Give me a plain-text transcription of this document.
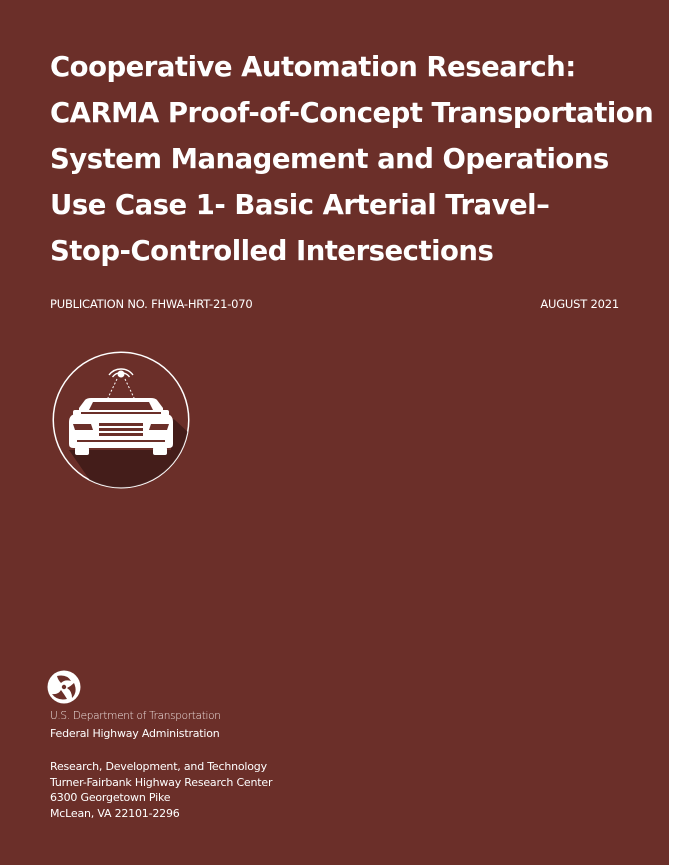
Cooperative Automation Research:
CARMA Proof-of-Concept Transportation
System Management and Operations
Use Case 1- Basic Arterial Travel–
Stop-Controlled Intersections
PUBLICATION NO. FHWA-HRT-21-070	AUGUST 2021
U.S. Department of Transportation
Federal Highway Administration
Research, Development, and Technology
Turner-Fairbank Highway Research Center
6300 Georgetown Pike
McLean, VA 22101-2296
